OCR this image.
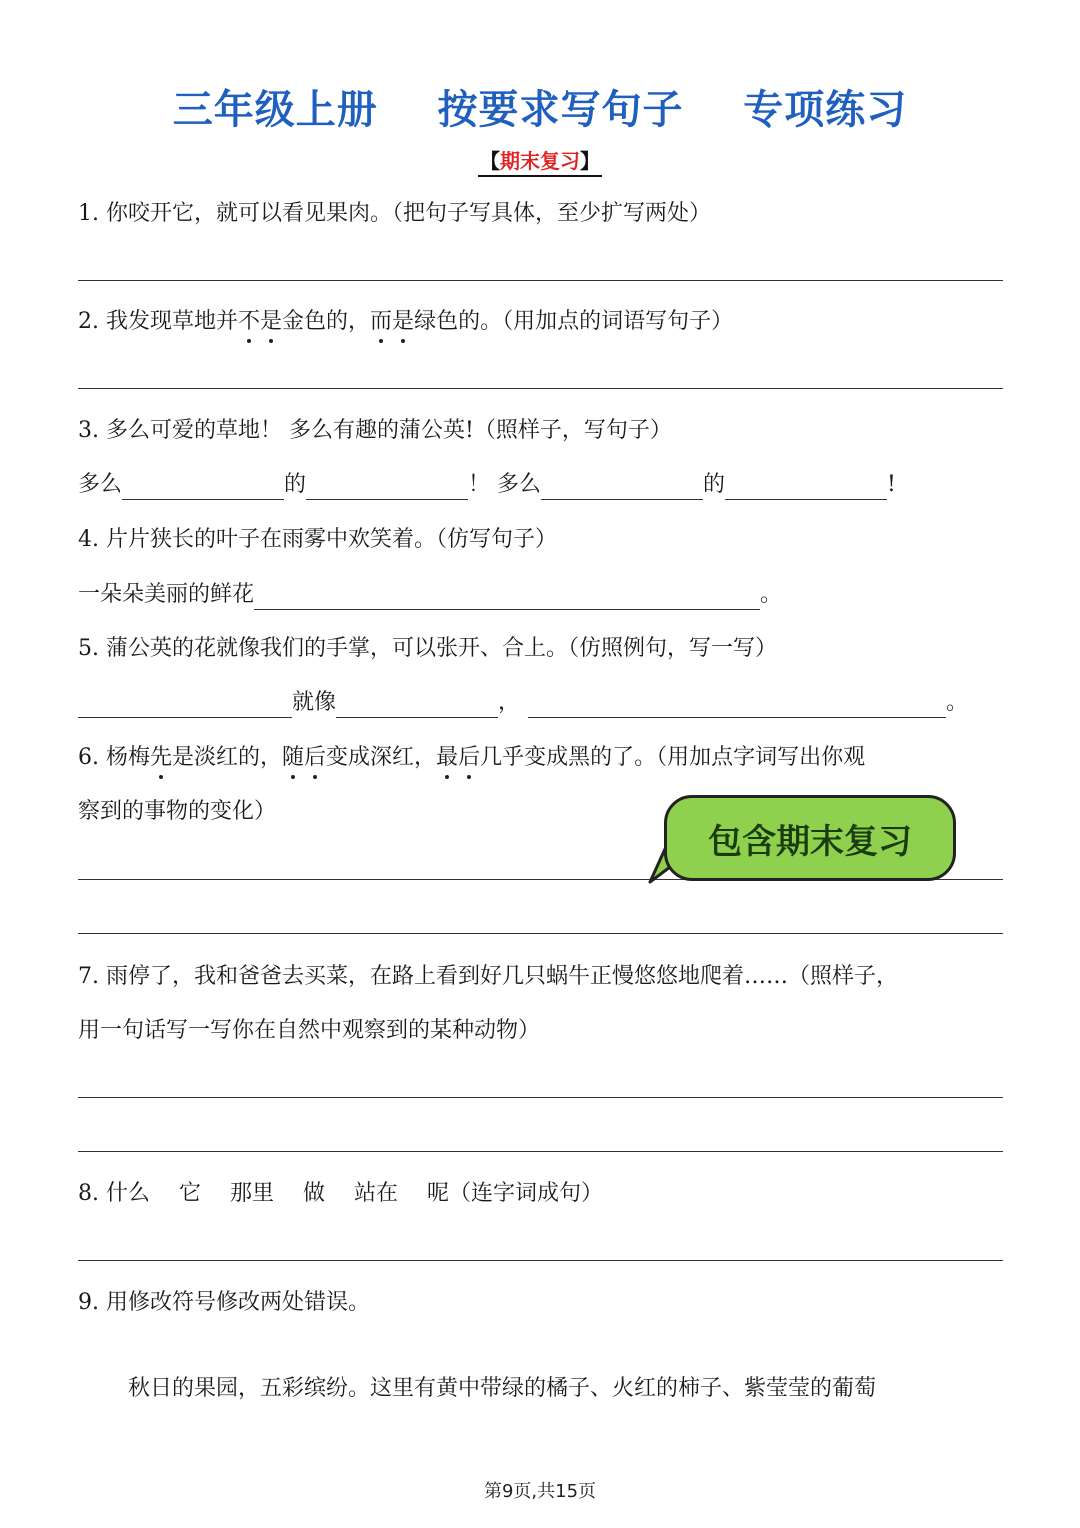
三年级上册    按要求写句子    专项练习
【期末复习】
1. 你咬开它，就可以看见果肉。（把句子写具体，至少扩写两处）
2. 我发现草地并不是金色的，而是绿色的。（用加点的词语写句子）
3. 多么可爱的草地！ 多么有趣的蒲公英!（照样子，写句子）
多么	的	！ 多么	的	!
4. 片片狭长的叶子在雨雾中欢笑着。（仿写句子）
一朵朵美丽的鲜花	。
5. 蒲公英的花就像我们的手掌，可以张开、合上。（仿照例句，写一写）
就像	，	。
6. 杨梅先是淡红的，随后变成深红，最后几乎变成黑的了。（用加点字词写出你观
察到的事物的变化）
包含期末复习
7. 雨停了，我和爸爸去买菜，在路上看到好几只蜗牛正慢悠悠地爬着……（照样子，
用一句话写一写你在自然中观察到的某种动物）
8. 什么　 它　 那里　 做　 站在　 呢（连字词成句）
9. 用修改符号修改两处错误。
秋日的果园，五彩缤纷。这里有黄中带绿的橘子、火红的柿子、紫莹莹的葡萄
第9页,共15页
